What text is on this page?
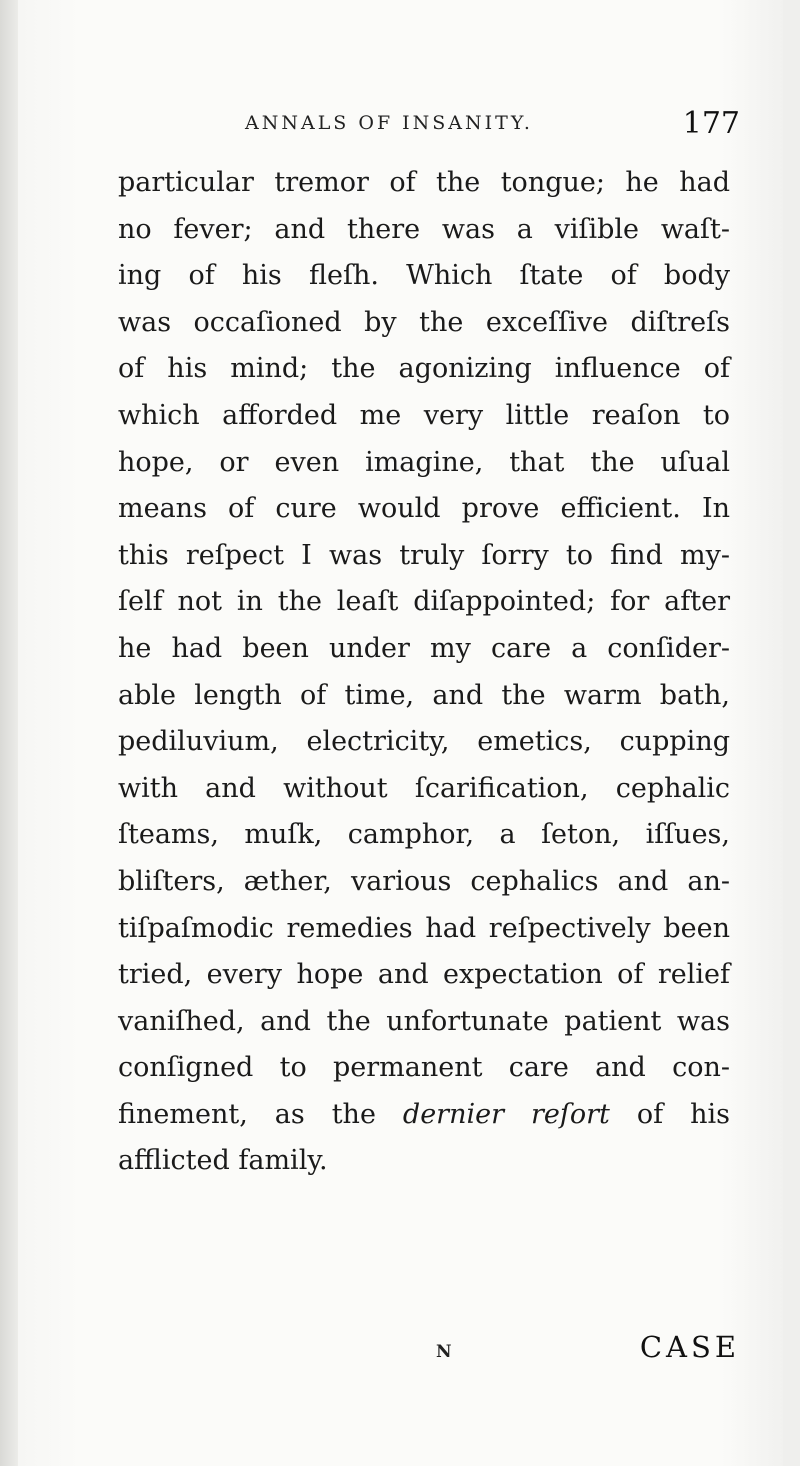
ANNALS OF INSANITY.	177
particular tremor of the tongue; he had
no fever; and there was a viſible waſt-
ing of his fleſh. Which ſtate of body
was occaſioned by the exceſſive diſtreſs
of his mind; the agonizing influence of
which afforded me very little reaſon to
hope, or even imagine, that the uſual
means of cure would prove efficient. In
this reſpect I was truly ſorry to find my-
ſelf not in the leaſt diſappointed; for after
he had been under my care a conſider-
able length of time, and the warm bath,
pediluvium, electricity, emetics, cupping
with and without ſcarification, cephalic
ſteams, muſk, camphor, a ſeton, iſſues,
bliſters, æther, various cephalics and an-
tiſpaſmodic remedies had reſpectively been
tried, every hope and expectation of relief
vaniſhed, and the unfortunate patient was
conſigned to permanent care and con-
finement, as the dernier reſort of his
afflicted family.
N	CASE
